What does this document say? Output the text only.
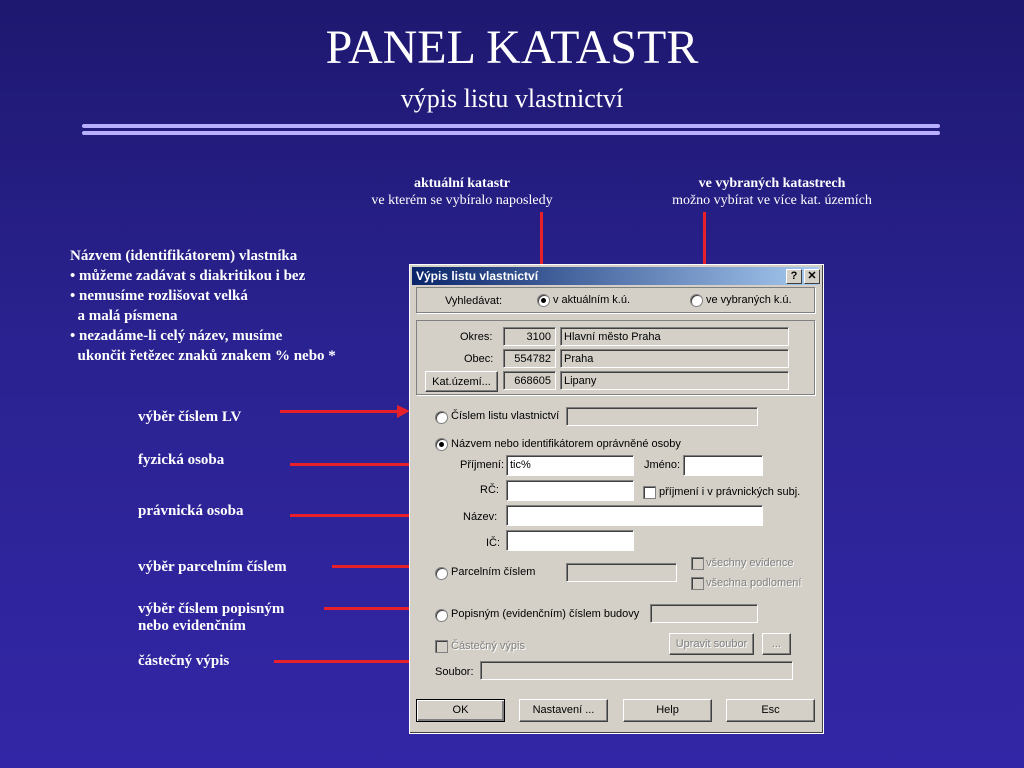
PANEL KATASTR
výpis listu vlastnictví
aktuální katastr
ve kterém se vybíralo naposledy
ve vybraných katastrech
možno vybírat ve více kat. územích
Názvem (identifikátorem) vlastníka
• můžeme zadávat s diakritikou i bez
• nemusíme rozlišovat velká
a malá písmena
• nezadáme-li celý název, musíme
ukončit řetězec znaků znakem % nebo *
výběr číslem LV
fyzická osoba
právnická osoba
výběr parcelním číslem
výběr číslem popisným
nebo evidenčním
částečný výpis
Výpis listu vlastnictví	? ✕
Vyhledávat:	v aktuálním k.ú.	ve vybraných k.ú.
Okres:	3100	Hlavní město Praha
Obec:	554782	Praha
Kat.území...	668605	Lipany
Číslem listu vlastnictví
Názvem nebo identifikátorem oprávněné osoby
Příjmení: tic%	Jméno:
RČ:	příjmení i v právnických subj.
Název:
IČ:
Parcelním číslem
všechny evidence
všechna podlomení
Popisným (evidenčním) číslem budovy
Částečný výpis	Upravit soubor	...
Soubor:
OK	Nastavení ...	Help	Esc
